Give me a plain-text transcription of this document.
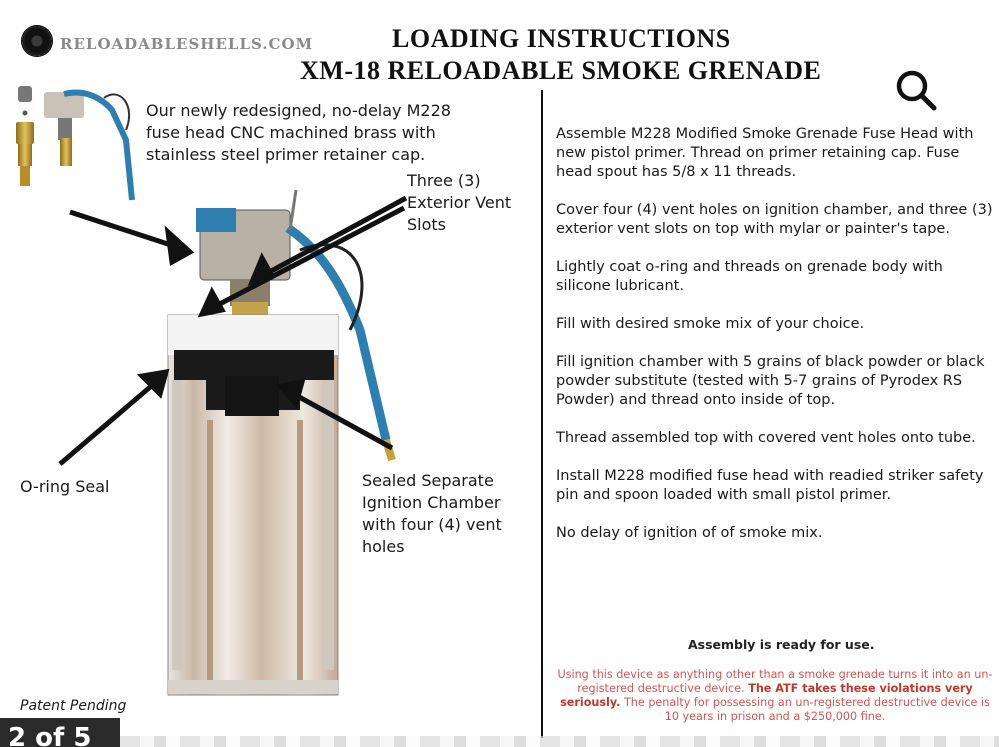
RELOADABLESHELLS.COM	LOADING INSTRUCTIONS
XM-18 RELOADABLE SMOKE GRENADE
Our newly redesigned, no-delay M228 fuse head CNC machined brass with stainless steel primer retainer cap.
Three (3) Exterior Vent Slots
O-ring Seal	Sealed Separate Ignition Chamber with four (4) vent holes
Patent Pending

Assemble M228 Modified Smoke Grenade Fuse Head with new pistol primer. Thread on primer retaining cap. Fuse head spout has 5/8 x 11 threads.

Cover four (4) vent holes on ignition chamber, and three (3) exterior vent slots on top with mylar or painter's tape.

Lightly coat o-ring and threads on grenade body with silicone lubricant.

Fill with desired smoke mix of your choice.

Fill ignition chamber with 5 grains of black powder or black powder substitute (tested with 5-7 grains of Pyrodex RS Powder) and thread onto inside of top.

Thread assembled top with covered vent holes onto tube.

Install M228 modified fuse head with readied striker safety pin and spoon loaded with small pistol primer.

No delay of ignition of of smoke mix.

Assembly is ready for use.
Using this device as anything other than a smoke grenade turns it into an un-registered destructive device. The ATF takes these violations very seriously. The penalty for possessing an un-registered destructive device is 10 years in prison and a $250,000 fine.
2 of 5
